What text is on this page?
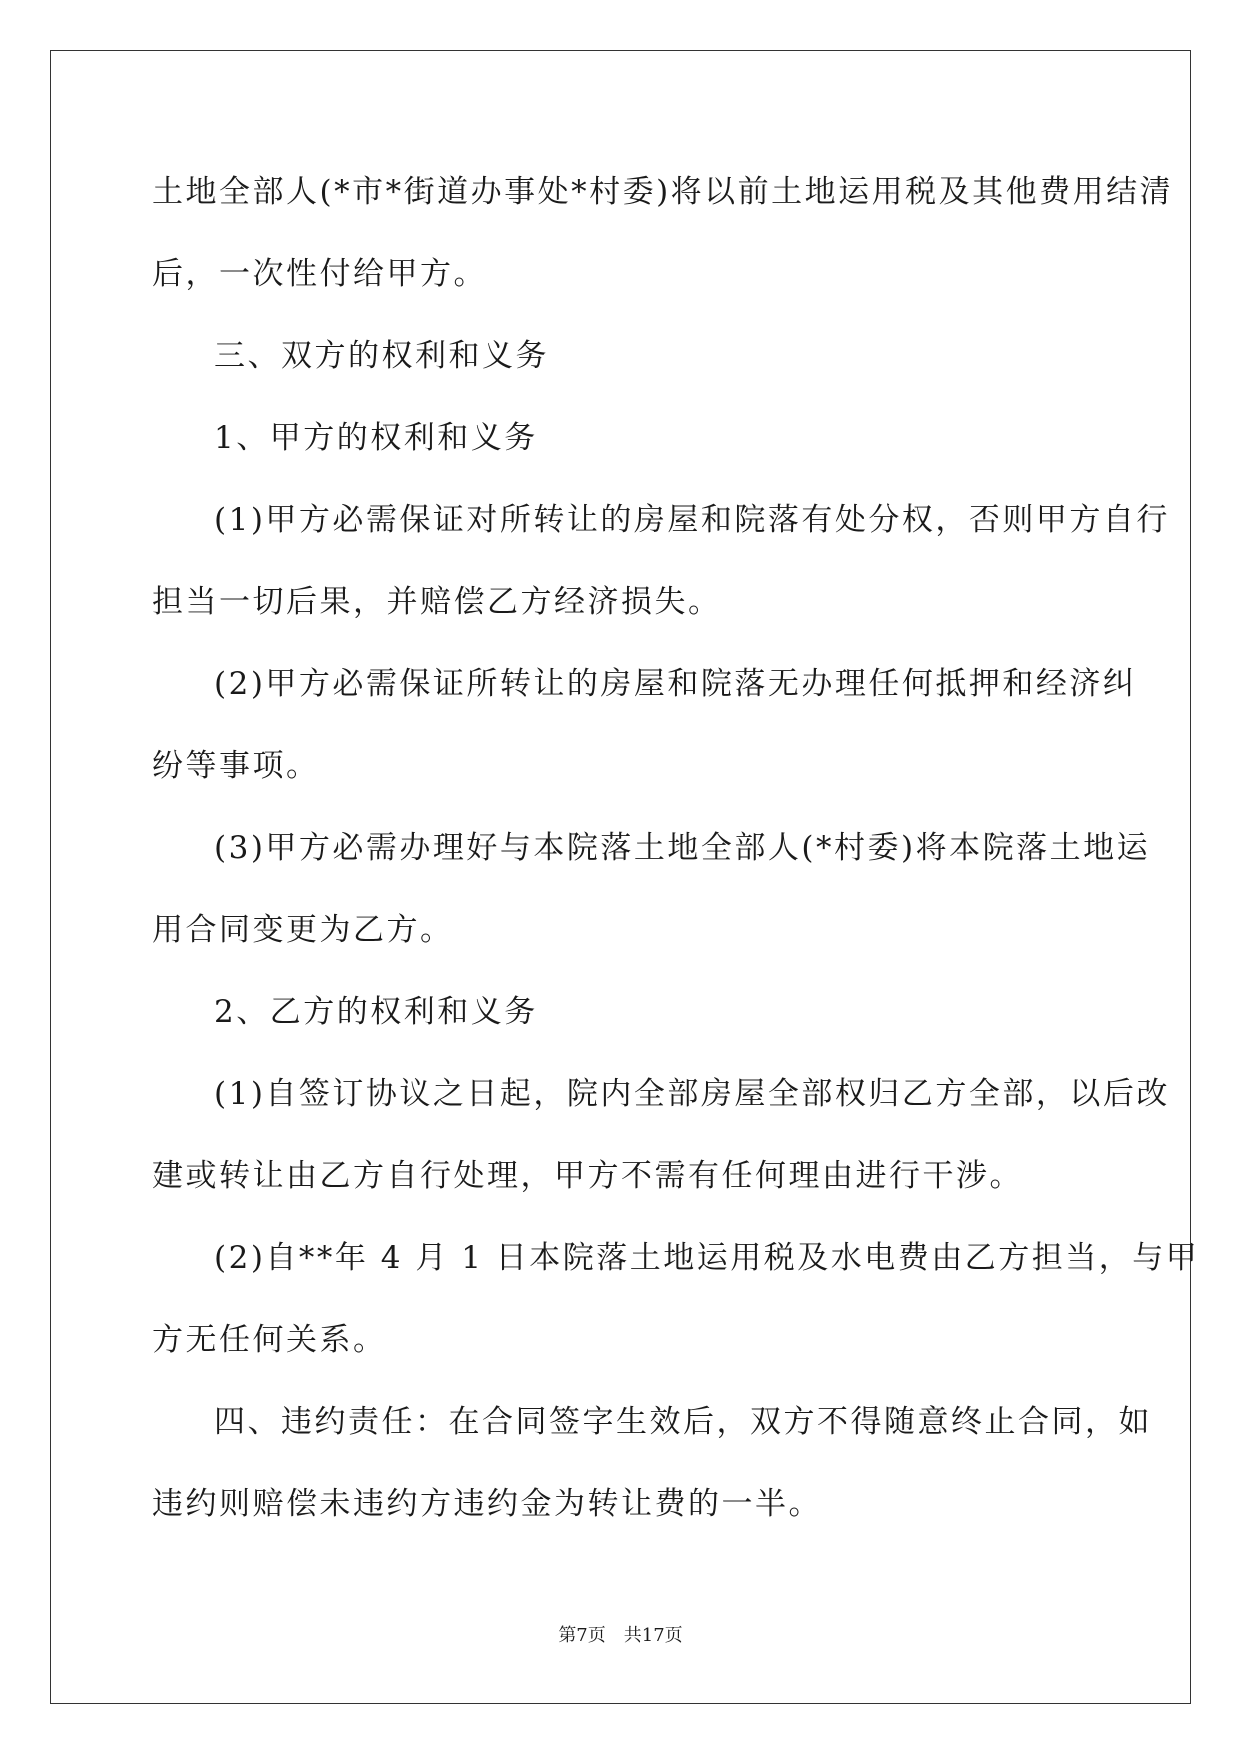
土地全部人(*市*街道办事处*村委)将以前土地运用税及其他费用结清
后，一次性付给甲方。
三、双方的权利和义务
1、甲方的权利和义务
(1)甲方必需保证对所转让的房屋和院落有处分权，否则甲方自行
担当一切后果，并赔偿乙方经济损失。
(2)甲方必需保证所转让的房屋和院落无办理任何抵押和经济纠
纷等事项。
(3)甲方必需办理好与本院落土地全部人(*村委)将本院落土地运
用合同变更为乙方。
2、乙方的权利和义务
(1)自签订协议之日起，院内全部房屋全部权归乙方全部，以后改
建或转让由乙方自行处理，甲方不需有任何理由进行干涉。
(2)自**年 4 月 1 日本院落土地运用税及水电费由乙方担当，与甲
方无任何关系。
四、违约责任：在合同签字生效后，双方不得随意终止合同，如
违约则赔偿未违约方违约金为转让费的一半。
第7页 共17页
